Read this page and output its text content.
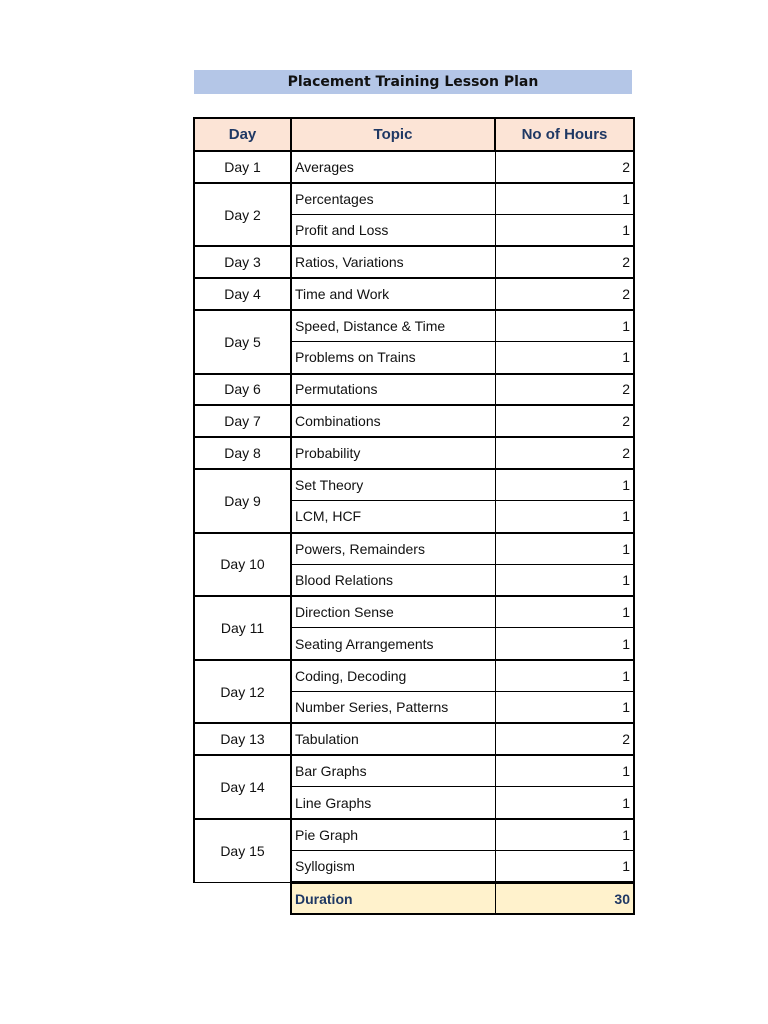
Placement Training Lesson Plan
Day	Topic	No of Hours
Day 1	Averages	2
Day 2	Percentages	1
	Profit and Loss	1
Day 3	Ratios, Variations	2
Day 4	Time and Work	2
Day 5	Speed, Distance & Time	1
	Problems on Trains	1
Day 6	Permutations	2
Day 7	Combinations	2
Day 8	Probability	2
Day 9	Set Theory	1
	LCM, HCF	1
Day 10	Powers, Remainders	1
	Blood Relations	1
Day 11	Direction Sense	1
	Seating Arrangements	1
Day 12	Coding, Decoding	1
	Number Series, Patterns	1
Day 13	Tabulation	2
Day 14	Bar Graphs	1
	Line Graphs	1
Day 15	Pie Graph	1
	Syllogism	1
	Duration	30
